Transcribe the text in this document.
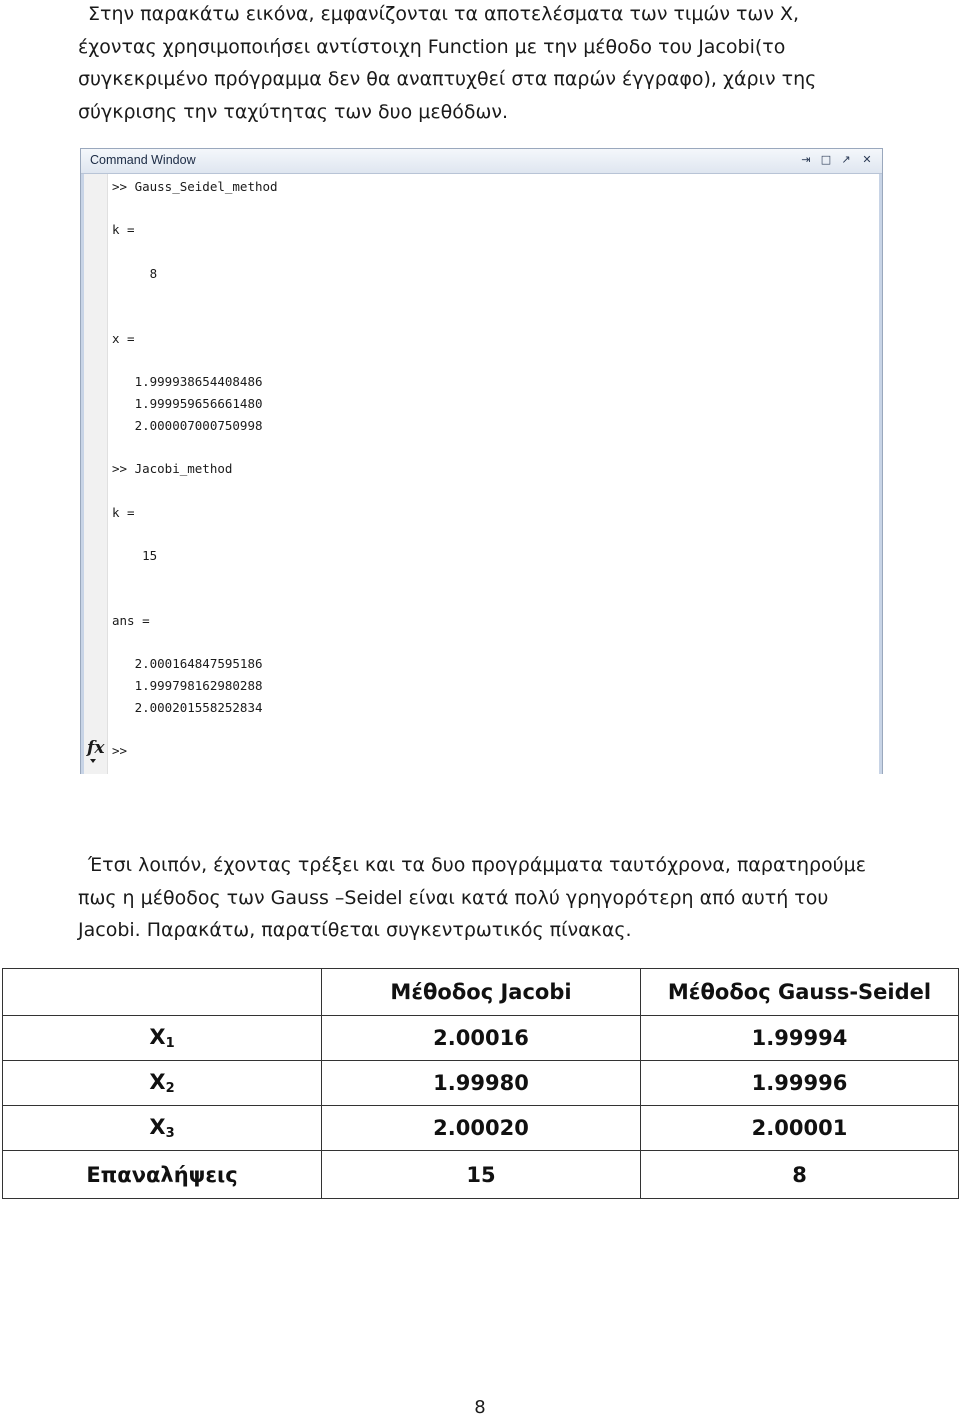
Στην παρακάτω εικόνα, εμφανίζονται τα αποτελέσματα των τιμών των X, έχοντας χρησιμοποιήσει αντίστοιχη Function με την μέθοδο του Jacobi(το συγκεκριμένο πρόγραμμα δεν θα αναπτυχθεί στα παρών έγγραφο), χάριν της σύγκρισης την ταχύτητας των δυο μεθόδων.

Command Window	⇥ □ ↗	✕
>> Gauss_Seidel_method
k =
8
x =
1.999938654408486
1.999959656661480
2.000007000750998
>> Jacobi_method
k =
15
ans =
2.000164847595186
1.999798162980288
2.000201558252834
>>
fx

Έτσι λοιπόν, έχοντας τρέξει και τα δυο προγράμματα ταυτόχρονα, παρατηρούμε πως η μέθοδος των Gauss –Seidel είναι κατά πολύ γρηγορότερη από αυτή του Jacobi. Παρακάτω, παρατίθεται συγκεντρωτικός πίνακας.

	Μέθοδος Jacobi	Μέθοδος Gauss-Seidel
$X_1$	2.00016	1.99994
$X_2$	1.99980	1.99996
$X_3$	2.00020	2.00001
Επαναλήψεις	15	8
8
